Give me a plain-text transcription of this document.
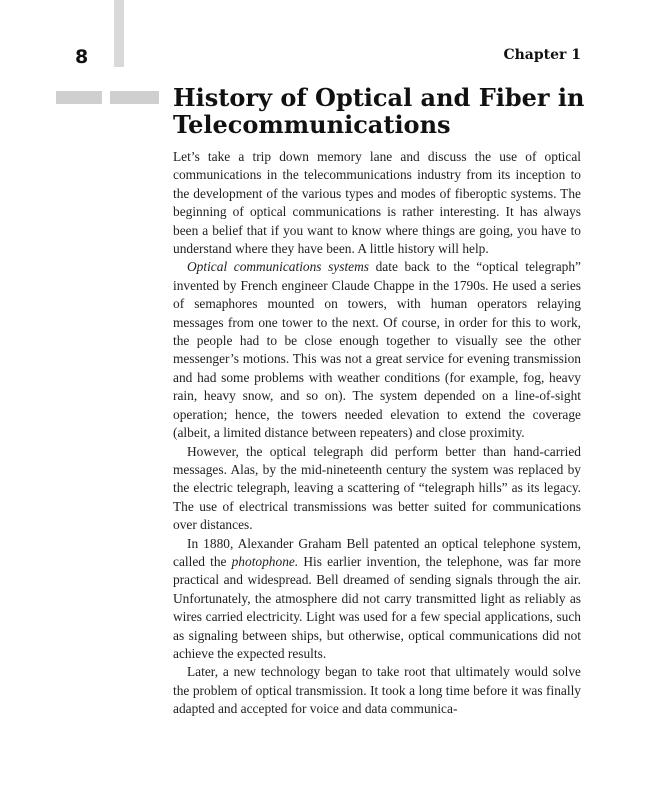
8	Chapter 1
History of Optical and Fiber in Telecommunications

Let’s take a trip down memory lane and discuss the use of optical communications in the telecommunications industry from its inception to the development of the various types and modes of fiberoptic systems. The beginning of optical communications is rather interesting. It has always been a belief that if you want to know where things are going, you have to understand where they have been. A little history will help.

Optical communications systems date back to the “optical telegraph” invented by French engineer Claude Chappe in the 1790s. He used a series of semaphores mounted on towers, with human operators relaying messages from one tower to the next. Of course, in order for this to work, the people had to be close enough together to visually see the other messenger’s motions. This was not a great service for evening transmission and had some problems with weather conditions (for example, fog, heavy rain, heavy snow, and so on). The system depended on a line-of-sight operation; hence, the towers needed elevation to extend the coverage (albeit, a limited distance between repeaters) and close proximity.

However, the optical telegraph did perform better than hand-carried messages. Alas, by the mid-nineteenth century the system was replaced by the electric telegraph, leaving a scattering of “telegraph hills” as its legacy. The use of electrical transmissions was better suited for communications over distances.

In 1880, Alexander Graham Bell patented an optical telephone system, called the photophone. His earlier invention, the telephone, was far more practical and widespread. Bell dreamed of sending signals through the air. Unfortunately, the atmosphere did not carry transmitted light as reliably as wires carried electricity. Light was used for a few special applications, such as signaling between ships, but otherwise, optical communications did not achieve the expected results.

Later, a new technology began to take root that ultimately would solve the problem of optical transmission. It took a long time before it was finally adapted and accepted for voice and data communica-
